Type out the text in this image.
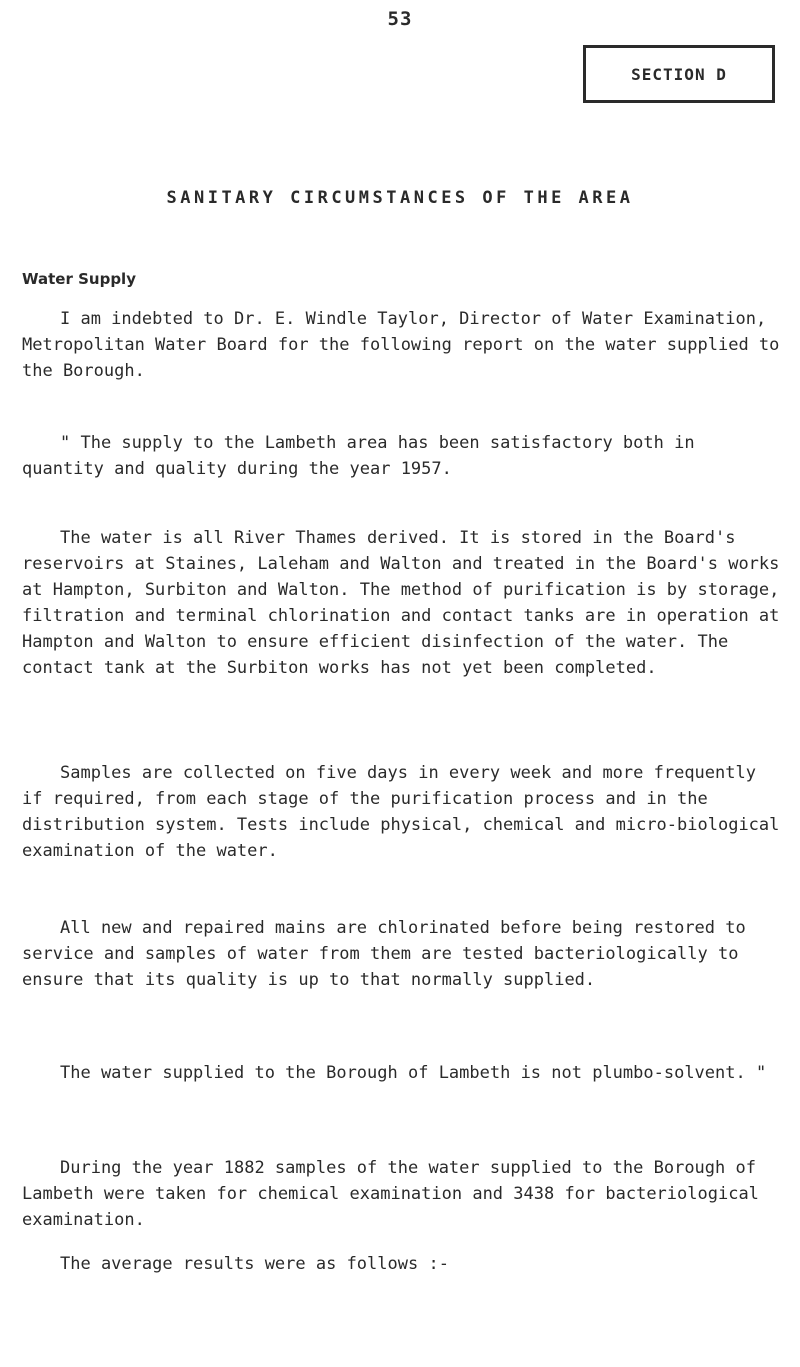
53
SECTION D
SANITARY CIRCUMSTANCES OF THE AREA
Water Supply

I am indebted to Dr. E. Windle Taylor, Director of Water Examination, Metropolitan Water Board for the following report on the water supplied to the Borough.

" The supply to the Lambeth area has been satisfactory both in quantity and quality during the year 1957.

The water is all River Thames derived. It is stored in the Board's reservoirs at Staines, Laleham and Walton and treated in the Board's works at Hampton, Surbiton and Walton. The method of purification is by storage, filtration and terminal chlorination and contact tanks are in operation at Hampton and Walton to ensure efficient disinfection of the water. The contact tank at the Surbiton works has not yet been completed.

Samples are collected on five days in every week and more frequently if required, from each stage of the purification process and in the distribution system. Tests include physical, chemical and micro-biological examination of the water.

All new and repaired mains are chlorinated before being restored to service and samples of water from them are tested bacteriologically to ensure that its quality is up to that normally supplied.

The water supplied to the Borough of Lambeth is not plumbo-solvent. "

During the year 1882 samples of the water supplied to the Borough of Lambeth were taken for chemical examination and 3438 for bacteriological examination.

The average results were as follows :-
